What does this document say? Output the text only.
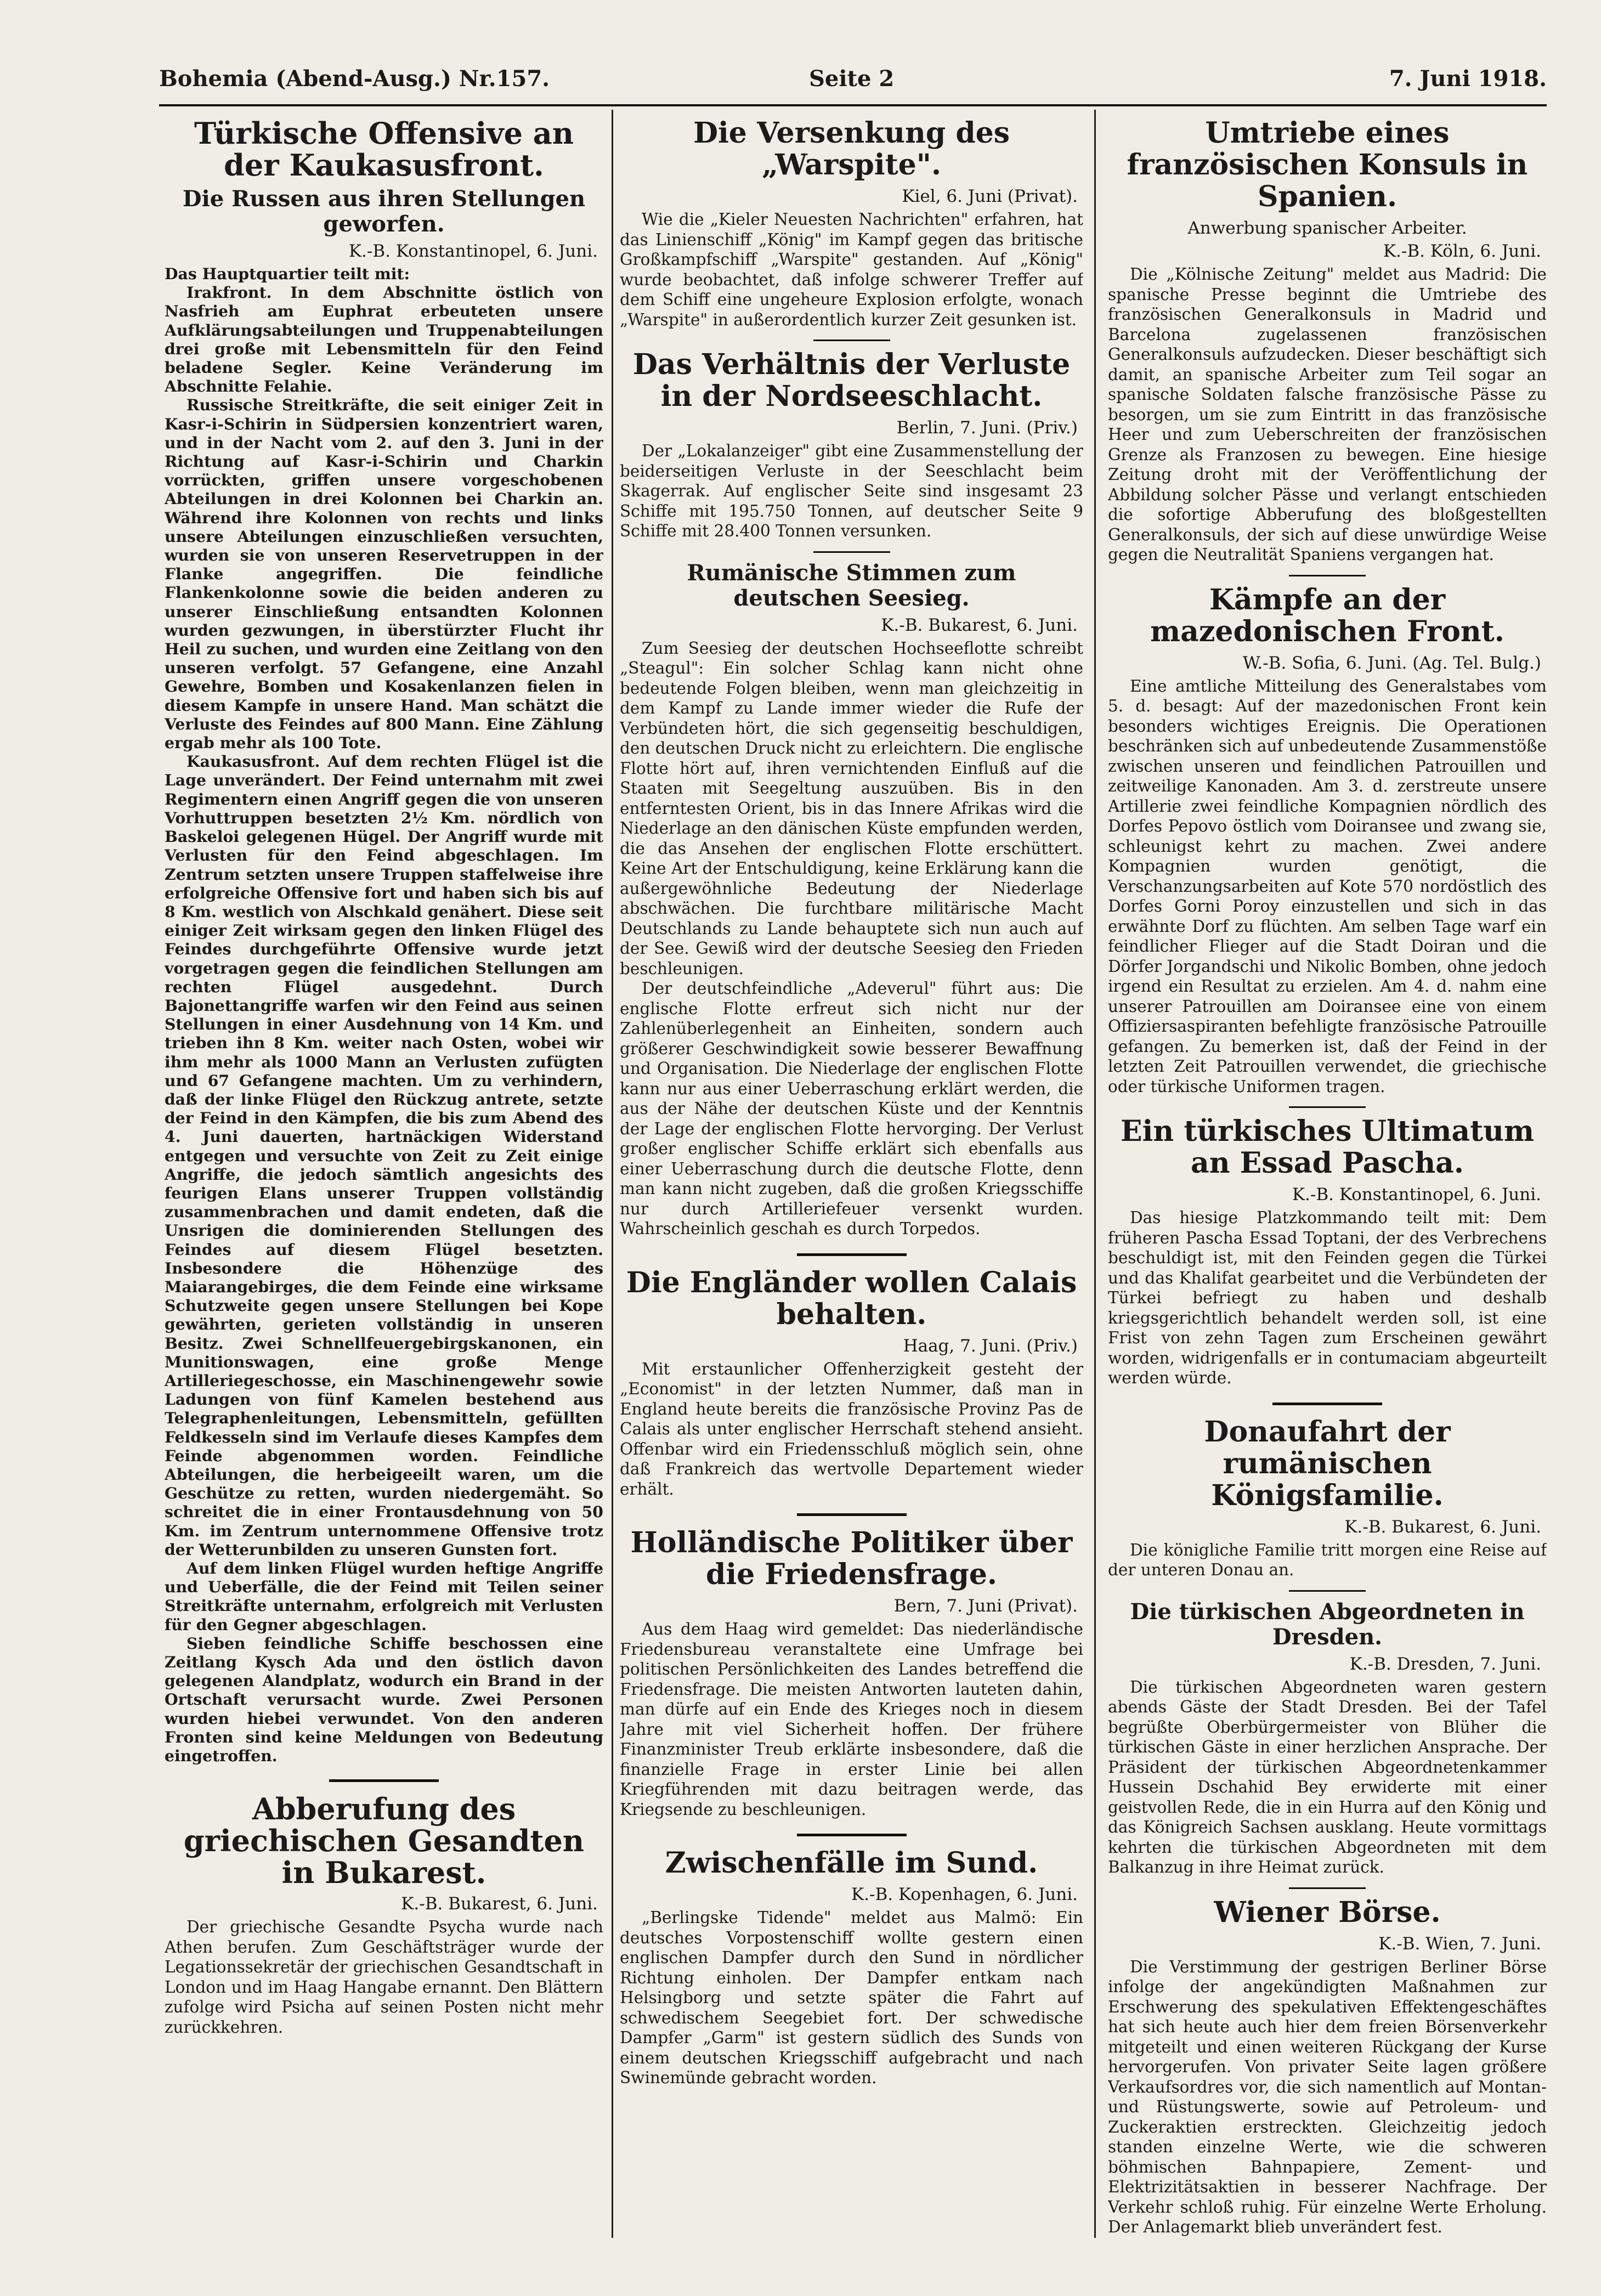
Bohemia (Abend-Ausg.) Nr.157.	Seite 2	7. Juni 1918.
Türkische Offensive an der Kaukasusfront.
Die Russen aus ihren Stellungen geworfen.
K.-B. Konstantinopel, 6. Juni.

Das Hauptquartier teilt mit:

Irakfront. In dem Abschnitte östlich von Nasfrieh am Euphrat erbeuteten unsere Aufklärungsabteilungen und Truppenabteilungen drei große mit Lebensmitteln für den Feind beladene Segler. Keine Veränderung im Abschnitte Felahie.

Russische Streitkräfte, die seit einiger Zeit in Kasr-i-Schirin in Südpersien konzentriert waren, und in der Nacht vom 2. auf den 3. Juni in der Richtung auf Kasr-i-Schirin und Charkin vorrückten, griffen unsere vorgeschobenen Abteilungen in drei Kolonnen bei Charkin an. Während ihre Kolonnen von rechts und links unsere Abteilungen einzuschließen versuchten, wurden sie von unseren Reservetruppen in der Flanke angegriffen. Die feindliche Flankenkolonne sowie die beiden anderen zu unserer Einschließung entsandten Kolonnen wurden gezwungen, in überstürzter Flucht ihr Heil zu suchen, und wurden eine Zeitlang von den unseren verfolgt. 57 Gefangene, eine Anzahl Gewehre, Bomben und Kosakenlanzen fielen in diesem Kampfe in unsere Hand. Man schätzt die Verluste des Feindes auf 800 Mann. Eine Zählung ergab mehr als 100 Tote.

Kaukasusfront. Auf dem rechten Flügel ist die Lage unverändert. Der Feind unternahm mit zwei Regimentern einen Angriff gegen die von unseren Vorhuttruppen besetzten 2½ Km. nördlich von Baskeloi gelegenen Hügel. Der Angriff wurde mit Verlusten für den Feind abgeschlagen. Im Zentrum setzten unsere Truppen staffelweise ihre erfolgreiche Offensive fort und haben sich bis auf 8 Km. westlich von Alschkald genähert. Diese seit einiger Zeit wirksam gegen den linken Flügel des Feindes durchgeführte Offensive wurde jetzt vorgetragen gegen die feindlichen Stellungen am rechten Flügel ausgedehnt. Durch Bajonettangriffe warfen wir den Feind aus seinen Stellungen in einer Ausdehnung von 14 Km. und trieben ihn 8 Km. weiter nach Osten, wobei wir ihm mehr als 1000 Mann an Verlusten zufügten und 67 Gefangene machten. Um zu verhindern, daß der linke Flügel den Rückzug antrete, setzte der Feind in den Kämpfen, die bis zum Abend des 4. Juni dauerten, hartnäckigen Widerstand entgegen und versuchte von Zeit zu Zeit einige Angriffe, die jedoch sämtlich angesichts des feurigen Elans unserer Truppen vollständig zusammenbrachen und damit endeten, daß die Unsrigen die dominierenden Stellungen des Feindes auf diesem Flügel besetzten. Insbesondere die Höhenzüge des Maiarangebirges, die dem Feinde eine wirksame Schutzweite gegen unsere Stellungen bei Kope gewährten, gerieten vollständig in unseren Besitz. Zwei Schnellfeuergebirgskanonen, ein Munitionswagen, eine große Menge Artilleriegeschosse, ein Maschinengewehr sowie Ladungen von fünf Kamelen bestehend aus Telegraphenleitungen, Lebensmitteln, gefüllten Feldkesseln sind im Verlaufe dieses Kampfes dem Feinde abgenommen worden. Feindliche Abteilungen, die herbeigeeilt waren, um die Geschütze zu retten, wurden niedergemäht. So schreitet die in einer Frontausdehnung von 50 Km. im Zentrum unternommene Offensive trotz der Wetterunbilden zu unseren Gunsten fort.

Auf dem linken Flügel wurden heftige Angriffe und Ueberfälle, die der Feind mit Teilen seiner Streitkräfte unternahm, erfolgreich mit Verlusten für den Gegner abgeschlagen.

Sieben feindliche Schiffe beschossen eine Zeitlang Kysch Ada und den östlich davon gelegenen Alandplatz, wodurch ein Brand in der Ortschaft verursacht wurde. Zwei Personen wurden hiebei verwundet. Von den anderen Fronten sind keine Meldungen von Bedeutung eingetroffen.

Abberufung des griechischen Gesandten in Bukarest.
K.-B. Bukarest, 6. Juni.

Der griechische Gesandte Psycha wurde nach Athen berufen. Zum Geschäftsträger wurde der Legationssekretär der griechischen Gesandtschaft in London und im Haag Hangabe ernannt. Den Blättern zufolge wird Psicha auf seinen Posten nicht mehr zurückkehren.

Die Versenkung des „Warspite".
Kiel, 6. Juni (Privat).

Wie die „Kieler Neuesten Nachrichten" erfahren, hat das Linienschiff „König" im Kampf gegen das britische Großkampfschiff „Warspite" gestanden. Auf „König" wurde beobachtet, daß infolge schwerer Treffer auf dem Schiff eine ungeheure Explosion erfolgte, wonach „Warspite" in außerordentlich kurzer Zeit gesunken ist.

Das Verhältnis der Verluste in der Nordseeschlacht.
Berlin, 7. Juni. (Priv.)

Der „Lokalanzeiger" gibt eine Zusammenstellung der beiderseitigen Verluste in der Seeschlacht beim Skagerrak. Auf englischer Seite sind insgesamt 23 Schiffe mit 195.750 Tonnen, auf deutscher Seite 9 Schiffe mit 28.400 Tonnen versunken.

Rumänische Stimmen zum deutschen Seesieg.
K.-B. Bukarest, 6. Juni.

Zum Seesieg der deutschen Hochseeflotte schreibt „Steagul": Ein solcher Schlag kann nicht ohne bedeutende Folgen bleiben, wenn man gleichzeitig in dem Kampf zu Lande immer wieder die Rufe der Verbündeten hört, die sich gegenseitig beschuldigen, den deutschen Druck nicht zu erleichtern. Die englische Flotte hört auf, ihren vernichtenden Einfluß auf die Staaten mit Seegeltung auszuüben. Bis in den entferntesten Orient, bis in das Innere Afrikas wird die Niederlage an den dänischen Küste empfunden werden, die das Ansehen der englischen Flotte erschüttert. Keine Art der Entschuldigung, keine Erklärung kann die außergewöhnliche Bedeutung der Niederlage abschwächen. Die furchtbare militärische Macht Deutschlands zu Lande behauptete sich nun auch auf der See. Gewiß wird der deutsche Seesieg den Frieden beschleunigen.

Der deutschfeindliche „Adeverul" führt aus: Die englische Flotte erfreut sich nicht nur der Zahlenüberlegenheit an Einheiten, sondern auch größerer Geschwindigkeit sowie besserer Bewaffnung und Organisation. Die Niederlage der englischen Flotte kann nur aus einer Ueberraschung erklärt werden, die aus der Nähe der deutschen Küste und der Kenntnis der Lage der englischen Flotte hervorging. Der Verlust großer englischer Schiffe erklärt sich ebenfalls aus einer Ueberraschung durch die deutsche Flotte, denn man kann nicht zugeben, daß die großen Kriegsschiffe nur durch Artilleriefeuer versenkt wurden. Wahrscheinlich geschah es durch Torpedos.

Die Engländer wollen Calais behalten.
Haag, 7. Juni. (Priv.)

Mit erstaunlicher Offenherzigkeit gesteht der „Economist" in der letzten Nummer, daß man in England heute bereits die französische Provinz Pas de Calais als unter englischer Herrschaft stehend ansieht. Offenbar wird ein Friedensschluß möglich sein, ohne daß Frankreich das wertvolle Departement wieder erhält.

Holländische Politiker über die Friedensfrage.
Bern, 7. Juni (Privat).

Aus dem Haag wird gemeldet: Das niederländische Friedensbureau veranstaltete eine Umfrage bei politischen Persönlichkeiten des Landes betreffend die Friedensfrage. Die meisten Antworten lauteten dahin, man dürfe auf ein Ende des Krieges noch in diesem Jahre mit viel Sicherheit hoffen. Der frühere Finanzminister Treub erklärte insbesondere, daß die finanzielle Frage in erster Linie bei allen Kriegführenden mit dazu beitragen werde, das Kriegsende zu beschleunigen.

Zwischenfälle im Sund.
K.-B. Kopenhagen, 6. Juni.

„Berlingske Tidende" meldet aus Malmö: Ein deutsches Vorpostenschiff wollte gestern einen englischen Dampfer durch den Sund in nördlicher Richtung einholen. Der Dampfer entkam nach Helsingborg und setzte später die Fahrt auf schwedischem Seegebiet fort. Der schwedische Dampfer „Garm" ist gestern südlich des Sunds von einem deutschen Kriegsschiff aufgebracht und nach Swinemünde gebracht worden.

Umtriebe eines französischen Konsuls in Spanien.
Anwerbung spanischer Arbeiter.
K.-B. Köln, 6. Juni.

Die „Kölnische Zeitung" meldet aus Madrid: Die spanische Presse beginnt die Umtriebe des französischen Generalkonsuls in Madrid und Barcelona zugelassenen französischen Generalkonsuls aufzudecken. Dieser beschäftigt sich damit, an spanische Arbeiter zum Teil sogar an spanische Soldaten falsche französische Pässe zu besorgen, um sie zum Eintritt in das französische Heer und zum Ueberschreiten der französischen Grenze als Franzosen zu bewegen. Eine hiesige Zeitung droht mit der Veröffentlichung der Abbildung solcher Pässe und verlangt entschieden die sofortige Abberufung des bloßgestellten Generalkonsuls, der sich auf diese unwürdige Weise gegen die Neutralität Spaniens vergangen hat.

Kämpfe an der mazedonischen Front.
W.-B. Sofia, 6. Juni. (Ag. Tel. Bulg.)

Eine amtliche Mitteilung des Generalstabes vom 5. d. besagt: Auf der mazedonischen Front kein besonders wichtiges Ereignis. Die Operationen beschränken sich auf unbedeutende Zusammenstöße zwischen unseren und feindlichen Patrouillen und zeitweilige Kanonaden. Am 3. d. zerstreute unsere Artillerie zwei feindliche Kompagnien nördlich des Dorfes Pepovo östlich vom Doiransee und zwang sie, schleunigst kehrt zu machen. Zwei andere Kompagnien wurden genötigt, die Verschanzungsarbeiten auf Kote 570 nordöstlich des Dorfes Gorni Poroy einzustellen und sich in das erwähnte Dorf zu flüchten. Am selben Tage warf ein feindlicher Flieger auf die Stadt Doiran und die Dörfer Jorgandschi und Nikolic Bomben, ohne jedoch irgend ein Resultat zu erzielen. Am 4. d. nahm eine unserer Patrouillen am Doiransee eine von einem Offiziersaspiranten befehligte französische Patrouille gefangen. Zu bemerken ist, daß der Feind in der letzten Zeit Patrouillen verwendet, die griechische oder türkische Uniformen tragen.

Ein türkisches Ultimatum an Essad Pascha.
K.-B. Konstantinopel, 6. Juni.

Das hiesige Platzkommando teilt mit: Dem früheren Pascha Essad Toptani, der des Verbrechens beschuldigt ist, mit den Feinden gegen die Türkei und das Khalifat gearbeitet und die Verbündeten der Türkei befriegt zu haben und deshalb kriegsgerichtlich behandelt werden soll, ist eine Frist von zehn Tagen zum Erscheinen gewährt worden, widrigenfalls er in contumaciam abgeurteilt werden würde.

Donaufahrt der rumänischen Königsfamilie.
K.-B. Bukarest, 6. Juni.

Die königliche Familie tritt morgen eine Reise auf der unteren Donau an.

Die türkischen Abgeordneten in Dresden.
K.-B. Dresden, 7. Juni.

Die türkischen Abgeordneten waren gestern abends Gäste der Stadt Dresden. Bei der Tafel begrüßte Oberbürgermeister von Blüher die türkischen Gäste in einer herzlichen Ansprache. Der Präsident der türkischen Abgeordnetenkammer Hussein Dschahid Bey erwiderte mit einer geistvollen Rede, die in ein Hurra auf den König und das Königreich Sachsen ausklang. Heute vormittags kehrten die türkischen Abgeordneten mit dem Balkanzug in ihre Heimat zurück.

Wiener Börse.
K.-B. Wien, 7. Juni.

Die Verstimmung der gestrigen Berliner Börse infolge der angekündigten Maßnahmen zur Erschwerung des spekulativen Effektengeschäftes hat sich heute auch hier dem freien Börsenverkehr mitgeteilt und einen weiteren Rückgang der Kurse hervorgerufen. Von privater Seite lagen größere Verkaufsordres vor, die sich namentlich auf Montan- und Rüstungswerte, sowie auf Petroleum- und Zuckeraktien erstreckten. Gleichzeitig jedoch standen einzelne Werte, wie die schweren böhmischen Bahnpapiere, Zement- und Elektrizitätsaktien in besserer Nachfrage. Der Verkehr schloß ruhig. Für einzelne Werte Erholung. Der Anlagemarkt blieb unverändert fest.
